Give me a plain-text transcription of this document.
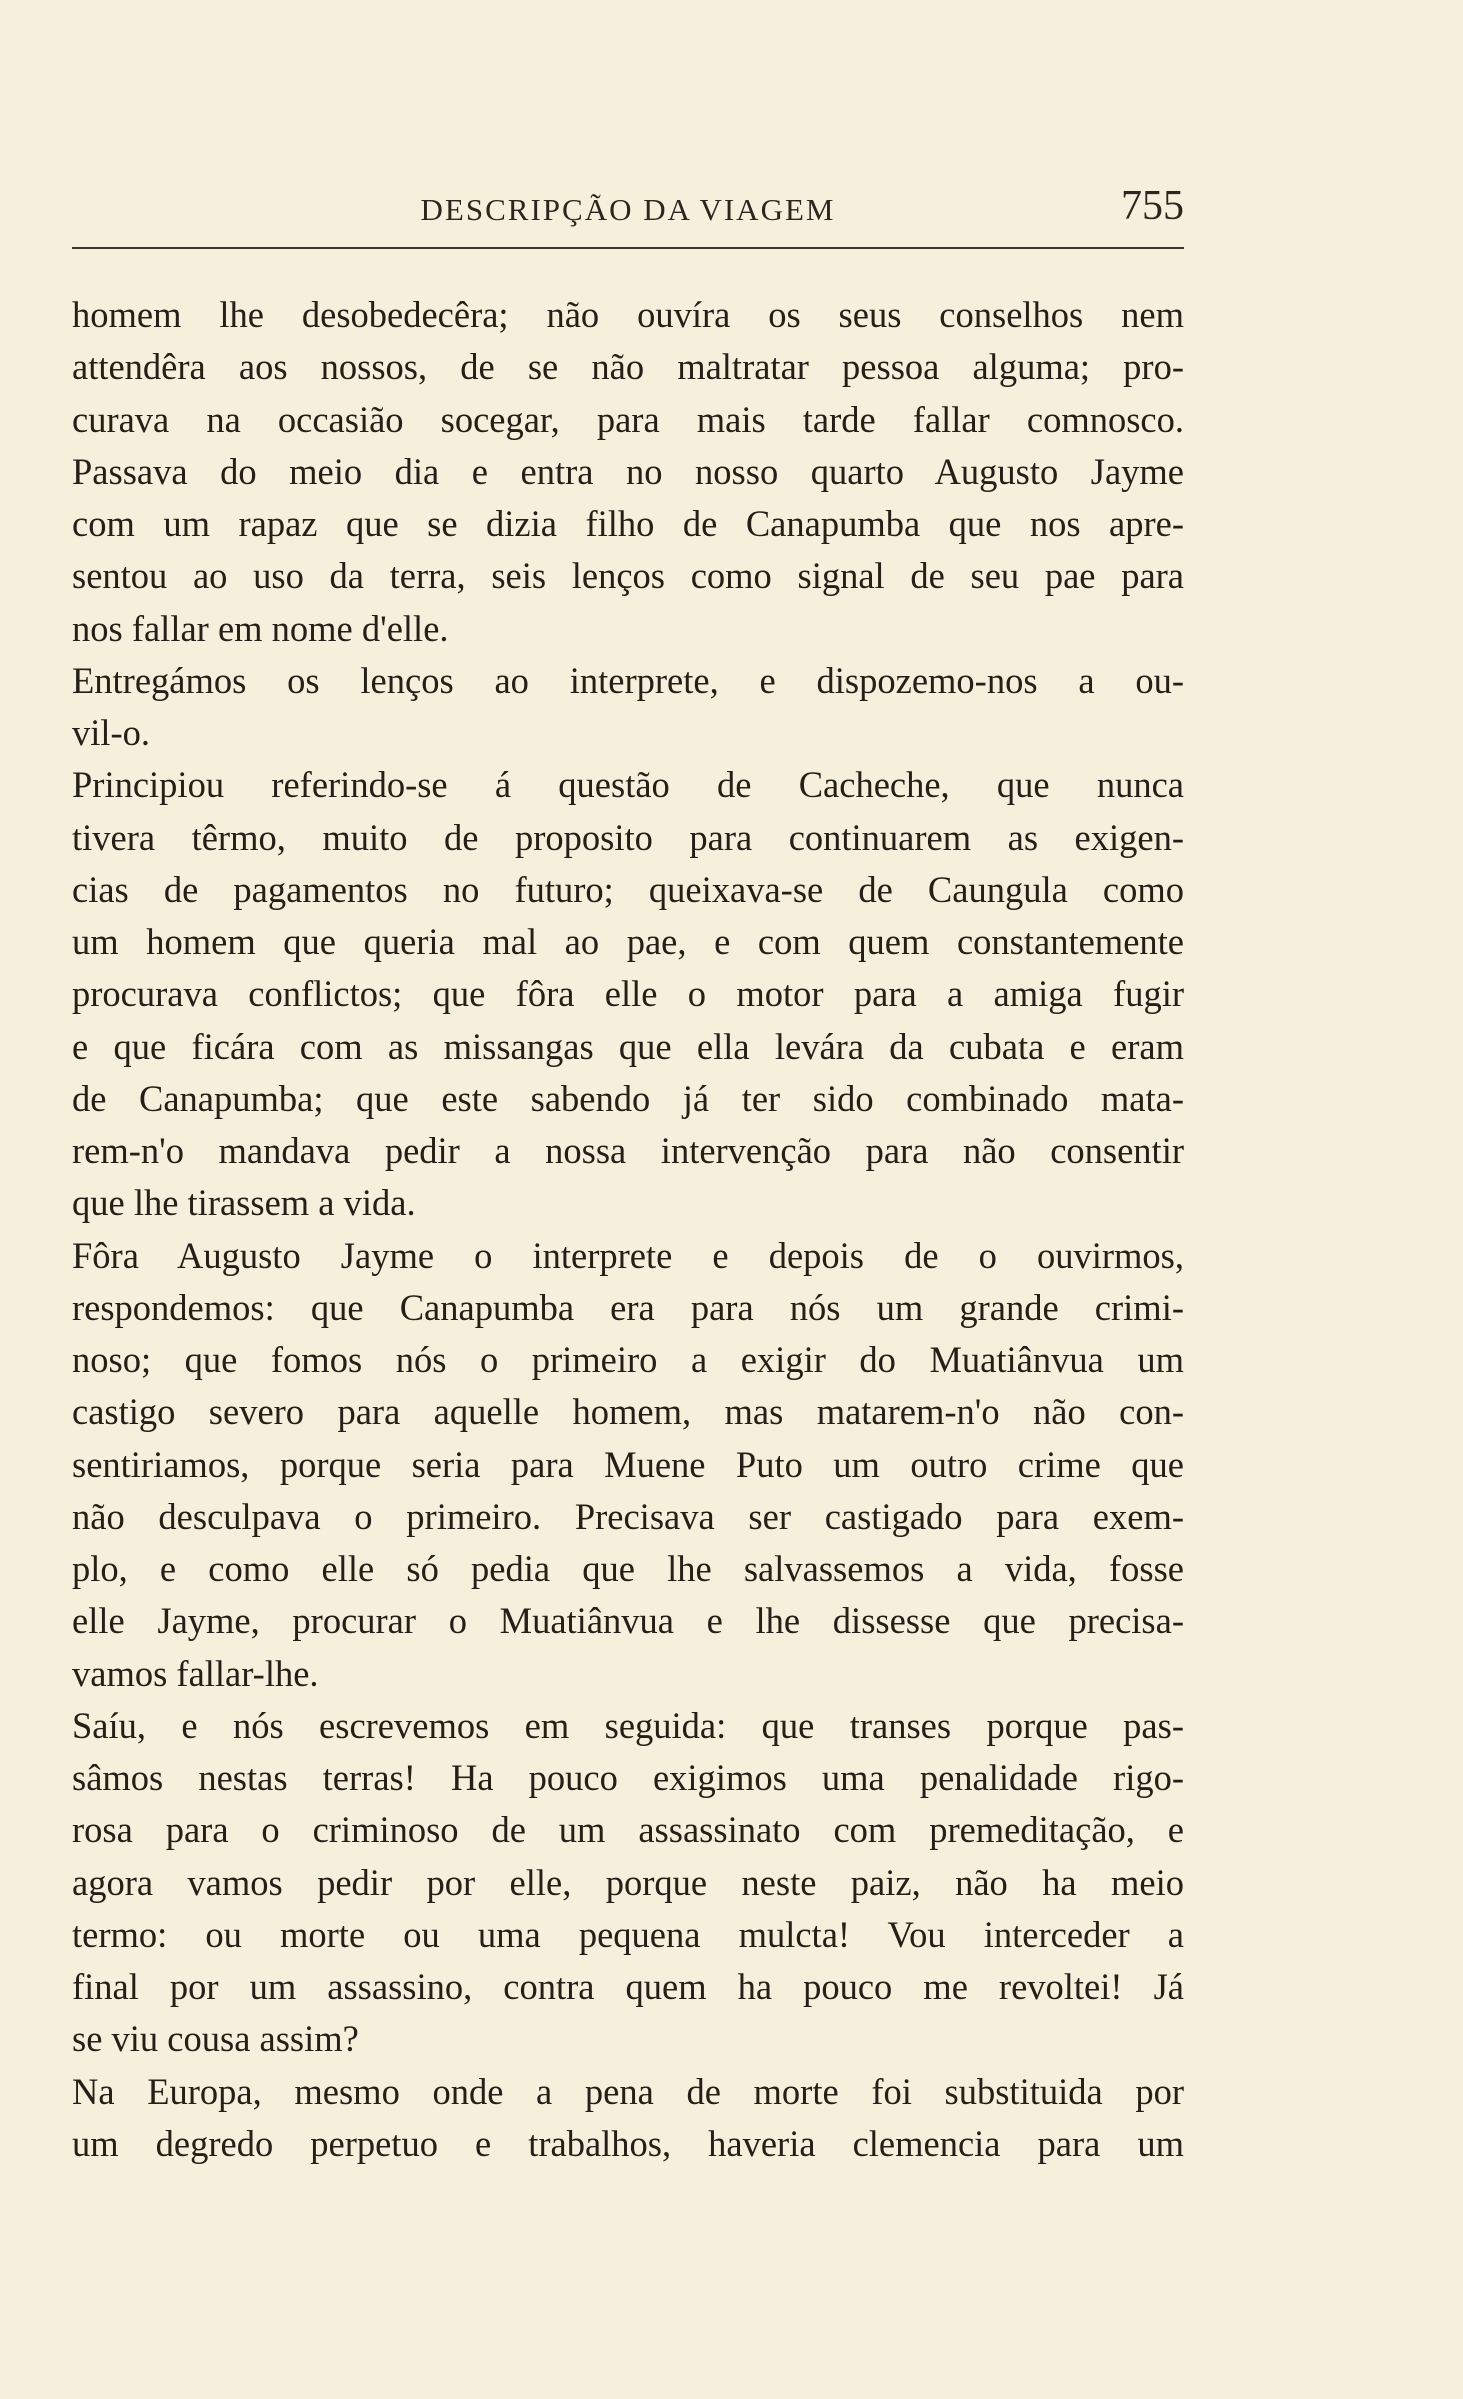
DESCRIPÇÃO DA VIAGEM	755
homem lhe desobedecêra; não ouvíra os seus conselhos nem
attendêra aos nossos, de se não maltratar pessoa alguma; pro-
curava na occasião socegar, para mais tarde fallar comnosco.
Passava do meio dia e entra no nosso quarto Augusto Jayme
com um rapaz que se dizia filho de Canapumba que nos apre-
sentou ao uso da terra, seis lenços como signal de seu pae para
nos fallar em nome d'elle.
Entregámos os lenços ao interprete, e dispozemo-nos a ou-
vil-o.
Principiou referindo-se á questão de Cacheche, que nunca
tivera têrmo, muito de proposito para continuarem as exigen-
cias de pagamentos no futuro; queixava-se de Caungula como
um homem que queria mal ao pae, e com quem constantemente
procurava conflictos; que fôra elle o motor para a amiga fugir
e que ficára com as missangas que ella levára da cubata e eram
de Canapumba; que este sabendo já ter sido combinado mata-
rem-n'o mandava pedir a nossa intervenção para não consentir
que lhe tirassem a vida.
Fôra Augusto Jayme o interprete e depois de o ouvirmos,
respondemos: que Canapumba era para nós um grande crimi-
noso; que fomos nós o primeiro a exigir do Muatiânvua um
castigo severo para aquelle homem, mas matarem-n'o não con-
sentiriamos, porque seria para Muene Puto um outro crime que
não desculpava o primeiro. Precisava ser castigado para exem-
plo, e como elle só pedia que lhe salvassemos a vida, fosse
elle Jayme, procurar o Muatiânvua e lhe dissesse que precisa-
vamos fallar-lhe.
Saíu, e nós escrevemos em seguida: que transes porque pas-
sâmos nestas terras! Ha pouco exigimos uma penalidade rigo-
rosa para o criminoso de um assassinato com premeditação, e
agora vamos pedir por elle, porque neste paiz, não ha meio
termo: ou morte ou uma pequena mulcta! Vou interceder a
final por um assassino, contra quem ha pouco me revoltei! Já
se viu cousa assim?
Na Europa, mesmo onde a pena de morte foi substituida por
um degredo perpetuo e trabalhos, haveria clemencia para um
